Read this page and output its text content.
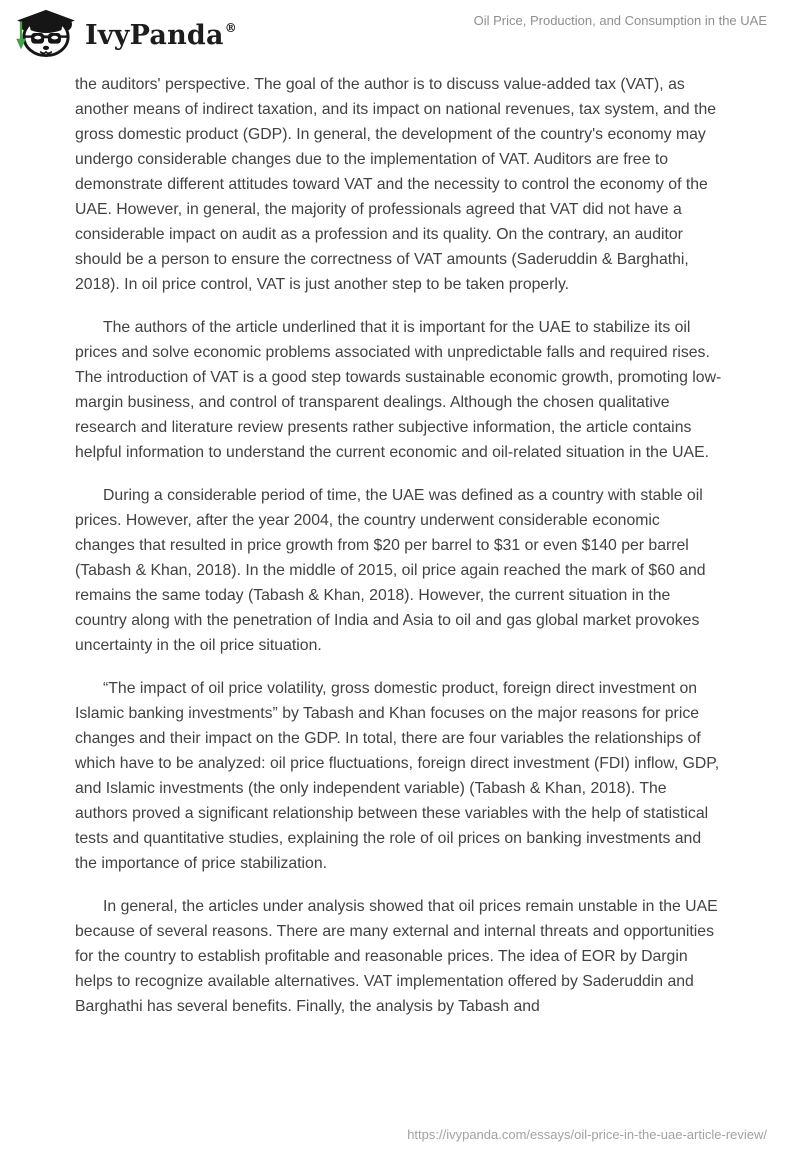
IvyPanda®	Oil Price, Production, and Consumption in the UAE

the auditors' perspective. The goal of the author is to discuss value-added tax (VAT), as another means of indirect taxation, and its impact on national revenues, tax system, and the gross domestic product (GDP). In general, the development of the country's economy may undergo considerable changes due to the implementation of VAT. Auditors are free to demonstrate different attitudes toward VAT and the necessity to control the economy of the UAE. However, in general, the majority of professionals agreed that VAT did not have a considerable impact on audit as a profession and its quality. On the contrary, an auditor should be a person to ensure the correctness of VAT amounts (Saderuddin & Barghathi, 2018). In oil price control, VAT is just another step to be taken properly.

The authors of the article underlined that it is important for the UAE to stabilize its oil prices and solve economic problems associated with unpredictable falls and required rises. The introduction of VAT is a good step towards sustainable economic growth, promoting low-margin business, and control of transparent dealings. Although the chosen qualitative research and literature review presents rather subjective information, the article contains helpful information to understand the current economic and oil-related situation in the UAE.

During a considerable period of time, the UAE was defined as a country with stable oil prices. However, after the year 2004, the country underwent considerable economic changes that resulted in price growth from $20 per barrel to $31 or even $140 per barrel (Tabash & Khan, 2018). In the middle of 2015, oil price again reached the mark of $60 and remains the same today (Tabash & Khan, 2018). However, the current situation in the country along with the penetration of India and Asia to oil and gas global market provokes uncertainty in the oil price situation.

“The impact of oil price volatility, gross domestic product, foreign direct investment on Islamic banking investments” by Tabash and Khan focuses on the major reasons for price changes and their impact on the GDP. In total, there are four variables the relationships of which have to be analyzed: oil price fluctuations, foreign direct investment (FDI) inflow, GDP, and Islamic investments (the only independent variable) (Tabash & Khan, 2018). The authors proved a significant relationship between these variables with the help of statistical tests and quantitative studies, explaining the role of oil prices on banking investments and the importance of price stabilization.

In general, the articles under analysis showed that oil prices remain unstable in the UAE because of several reasons. There are many external and internal threats and opportunities for the country to establish profitable and reasonable prices. The idea of EOR by Dargin helps to recognize available alternatives. VAT implementation offered by Saderuddin and Barghathi has several benefits. Finally, the analysis by Tabash and

https://ivypanda.com/essays/oil-price-in-the-uae-article-review/
